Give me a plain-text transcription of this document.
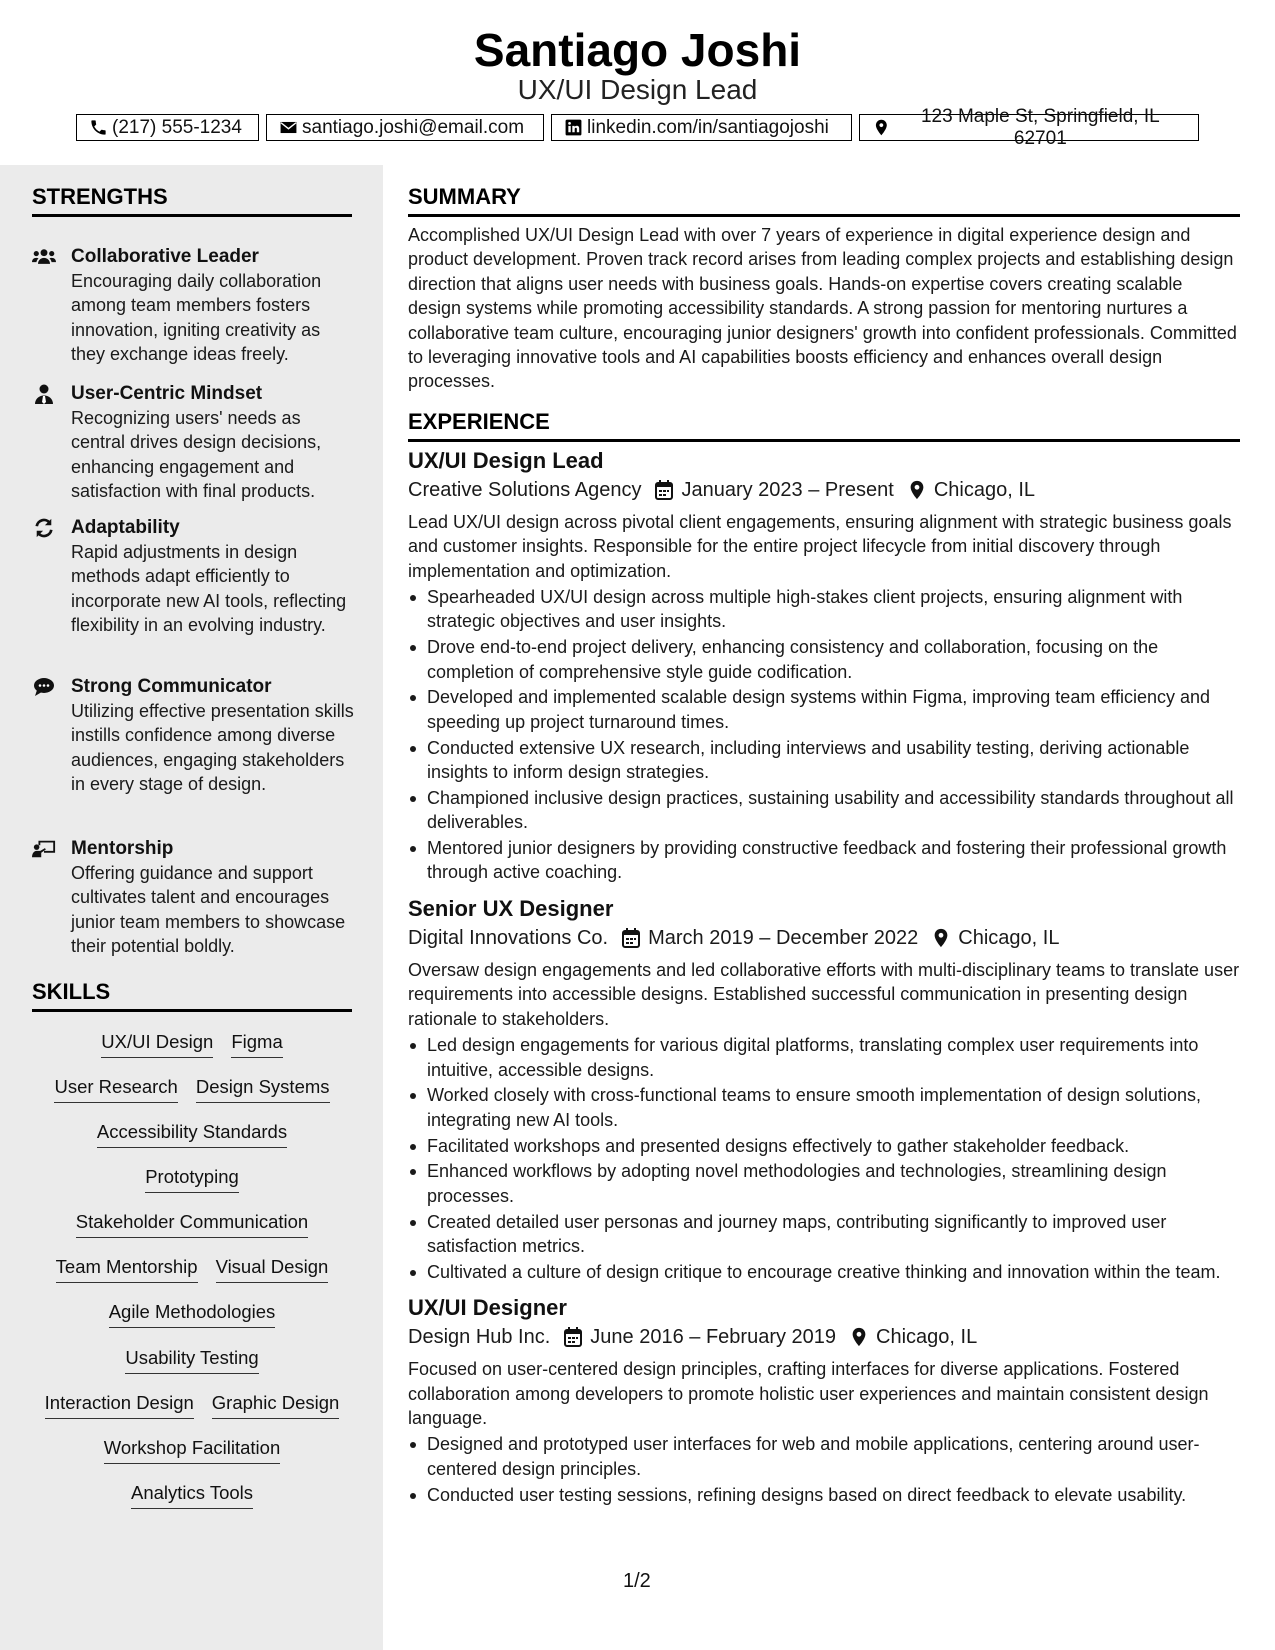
Santiago Joshi
UX/UI Design Lead
(217) 555-1234	santiago.joshi@email.com	linkedin.com/in/santiagojoshi
123 Maple St, Springfield, IL 62701
STRENGTHS
Collaborative Leader
Encouraging daily collaboration among team members fosters innovation, igniting creativity as they exchange ideas freely.
User-Centric Mindset
Recognizing users' needs as central drives design decisions, enhancing engagement and satisfaction with final products.
Adaptability
Rapid adjustments in design methods adapt efficiently to incorporate new AI tools, reflecting flexibility in an evolving industry.
Strong Communicator
Utilizing effective presentation skills instills confidence among diverse audiences, engaging stakeholders in every stage of design.
Mentorship
Offering guidance and support cultivates talent and encourages junior team members to showcase their potential boldly.
SKILLS
UX/UI Design Figma
User Research Design Systems
Accessibility Standards
Prototyping
Stakeholder Communication
Team Mentorship Visual Design
Agile Methodologies
Usability Testing
Interaction Design Graphic Design
Workshop Facilitation
Analytics Tools
SUMMARY
Accomplished UX/UI Design Lead with over 7 years of experience in digital experience design and product development. Proven track record arises from leading complex projects and establishing design direction that aligns user needs with business goals. Hands-on expertise covers creating scalable design systems while promoting accessibility standards. A strong passion for mentoring nurtures a collaborative team culture, encouraging junior designers' growth into confident professionals. Committed to leveraging innovative tools and AI capabilities boosts efficiency and enhances overall design processes.
EXPERIENCE
UX/UI Design Lead
Creative Solutions Agency January 2023 – Present Chicago, IL
Lead UX/UI design across pivotal client engagements, ensuring alignment with strategic business goals and customer insights. Responsible for the entire project lifecycle from initial discovery through implementation and optimization.
Spearheaded UX/UI design across multiple high-stakes client projects, ensuring alignment with strategic objectives and user insights.
Drove end-to-end project delivery, enhancing consistency and collaboration, focusing on the completion of comprehensive style guide codification.
Developed and implemented scalable design systems within Figma, improving team efficiency and speeding up project turnaround times.
Conducted extensive UX research, including interviews and usability testing, deriving actionable insights to inform design strategies.
Championed inclusive design practices, sustaining usability and accessibility standards throughout all deliverables.
Mentored junior designers by providing constructive feedback and fostering their professional growth through active coaching.
Senior UX Designer
Digital Innovations Co. March 2019 – December 2022 Chicago, IL
Oversaw design engagements and led collaborative efforts with multi-disciplinary teams to translate user requirements into accessible designs. Established successful communication in presenting design rationale to stakeholders.
Led design engagements for various digital platforms, translating complex user requirements into intuitive, accessible designs.
Worked closely with cross-functional teams to ensure smooth implementation of design solutions, integrating new AI tools.
Facilitated workshops and presented designs effectively to gather stakeholder feedback.
Enhanced workflows by adopting novel methodologies and technologies, streamlining design processes.
Created detailed user personas and journey maps, contributing significantly to improved user satisfaction metrics.
Cultivated a culture of design critique to encourage creative thinking and innovation within the team.
UX/UI Designer
Design Hub Inc. June 2016 – February 2019 Chicago, IL
Focused on user-centered design principles, crafting interfaces for diverse applications. Fostered collaboration among developers to promote holistic user experiences and maintain consistent design language.
Designed and prototyped user interfaces for web and mobile applications, centering around user-centered design principles.
Conducted user testing sessions, refining designs based on direct feedback to elevate usability.
1/2
